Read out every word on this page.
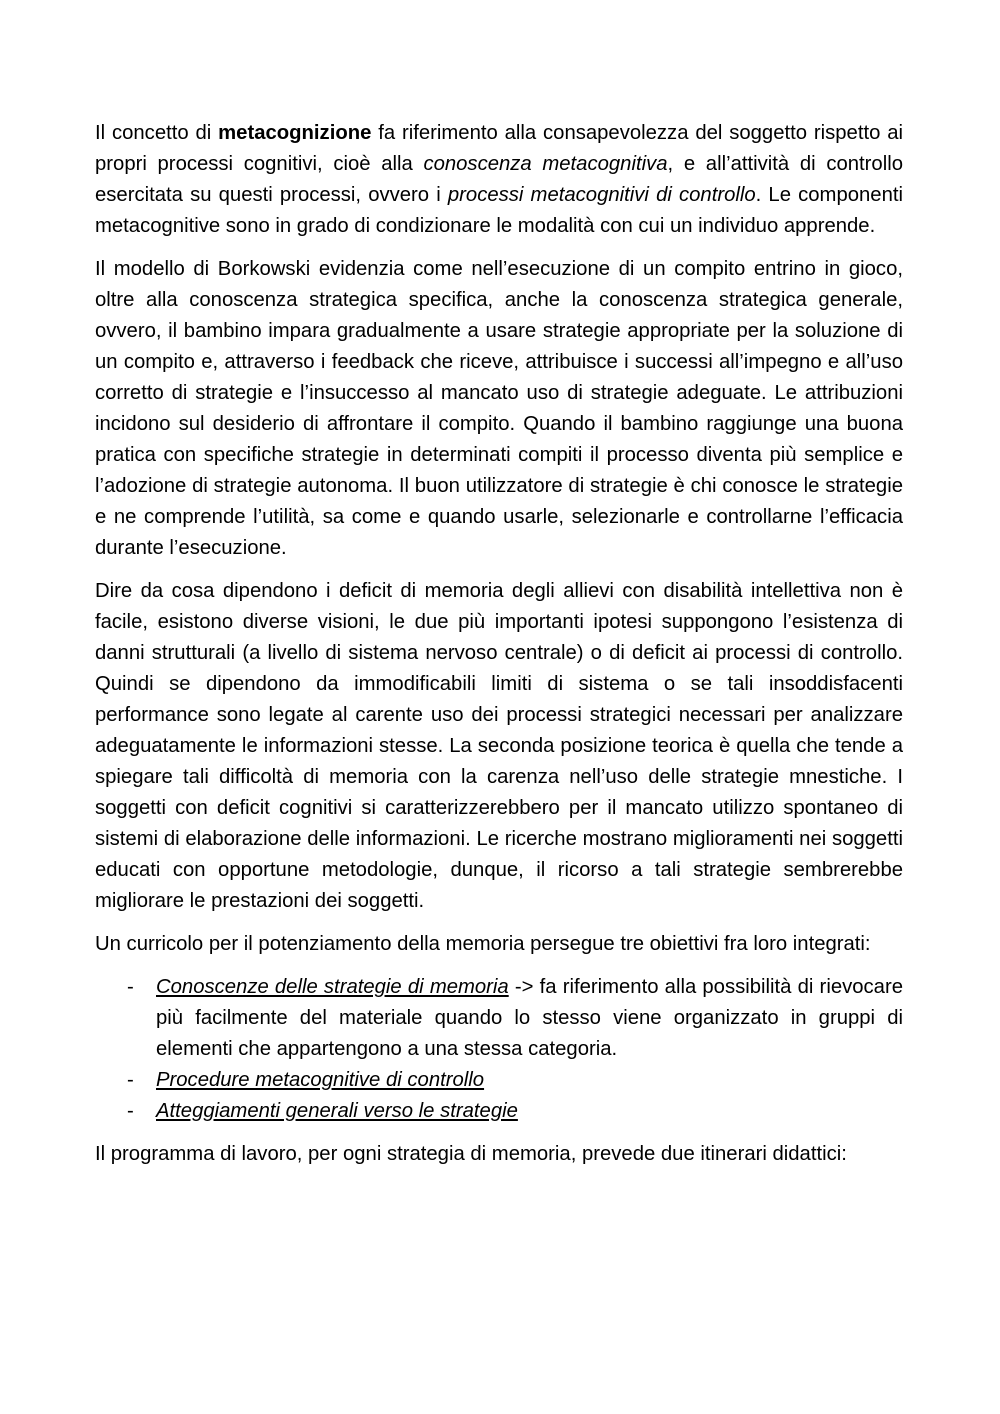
Il concetto di metacognizione fa riferimento alla consapevolezza del soggetto rispetto ai propri processi cognitivi, cioè alla conoscenza metacognitiva, e all’attività di controllo esercitata su questi processi, ovvero i processi metacognitivi di controllo. Le componenti metacognitive sono in grado di condizionare le modalità con cui un individuo apprende.

Il modello di Borkowski evidenzia come nell’esecuzione di un compito entrino in gioco, oltre alla conoscenza strategica specifica, anche la conoscenza strategica generale, ovvero, il bambino impara gradualmente a usare strategie appropriate per la soluzione di un compito e, attraverso i feedback che riceve, attribuisce i successi all’impegno e all’uso corretto di strategie e l’insuccesso al mancato uso di strategie adeguate. Le attribuzioni incidono sul desiderio di affrontare il compito. Quando il bambino raggiunge una buona pratica con specifiche strategie in determinati compiti il processo diventa più semplice e l’adozione di strategie autonoma. Il buon utilizzatore di strategie è chi conosce le strategie e ne comprende l’utilità, sa come e quando usarle, selezionarle e controllarne l’efficacia durante l’esecuzione.

Dire da cosa dipendono i deficit di memoria degli allievi con disabilità intellettiva non è facile, esistono diverse visioni, le due più importanti ipotesi suppongono l’esistenza di danni strutturali (a livello di sistema nervoso centrale) o di deficit ai processi di controllo. Quindi se dipendono da immodificabili limiti di sistema o se tali insoddisfacenti performance sono legate al carente uso dei processi strategici necessari per analizzare adeguatamente le informazioni stesse. La seconda posizione teorica è quella che tende a spiegare tali difficoltà di memoria con la carenza nell’uso delle strategie mnestiche. I soggetti con deficit cognitivi si caratterizzerebbero per il mancato utilizzo spontaneo di sistemi di elaborazione delle informazioni. Le ricerche mostrano miglioramenti nei soggetti educati con opportune metodologie, dunque, il ricorso a tali strategie sembrerebbe migliorare le prestazioni dei soggetti.

Un curricolo per il potenziamento della memoria persegue tre obiettivi fra loro integrati:

- Conoscenze delle strategie di memoria -> fa riferimento alla possibilità di rievocare più facilmente del materiale quando lo stesso viene organizzato in gruppi di elementi che appartengono a una stessa categoria.
- Procedure metacognitive di controllo
- Atteggiamenti generali verso le strategie

Il programma di lavoro, per ogni strategia di memoria, prevede due itinerari didattici:
